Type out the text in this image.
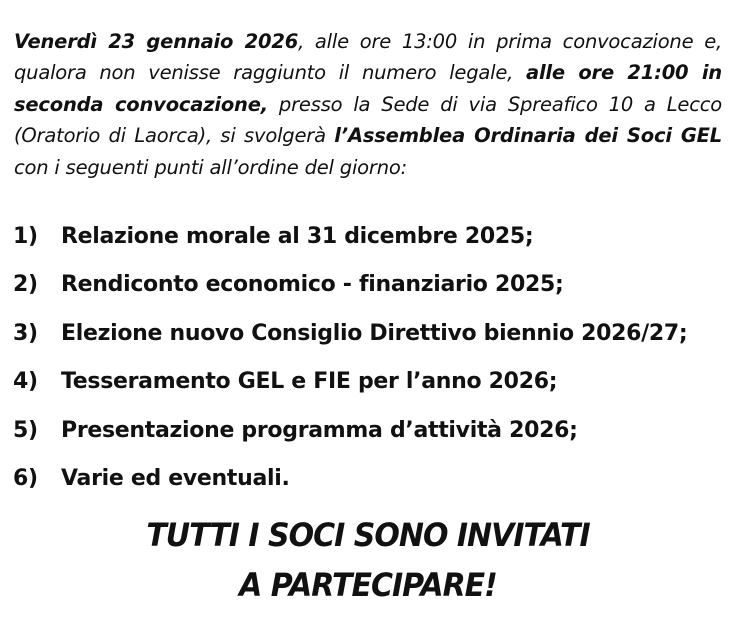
Venerdì 23 gennaio 2026, alle ore 13:00 in prima convocazione e, qualora non venisse raggiunto il numero legale, alle ore 21:00 in seconda convocazione, presso la Sede di via Spreafico 10 a Lecco (Oratorio di Laorca), si svolgerà l’Assemblea Ordinaria dei Soci GEL con i seguenti punti all’ordine del giorno:

1)	Relazione morale al 31 dicembre 2025;
2)	Rendiconto economico - finanziario 2025;
3)	Elezione nuovo Consiglio Direttivo biennio 2026/27;
4)	Tesseramento GEL e FIE per l’anno 2026;
5)	Presentazione programma d’attività 2026;
6)	Varie ed eventuali.
TUTTI I SOCI SONO INVITATI
A PARTECIPARE!
